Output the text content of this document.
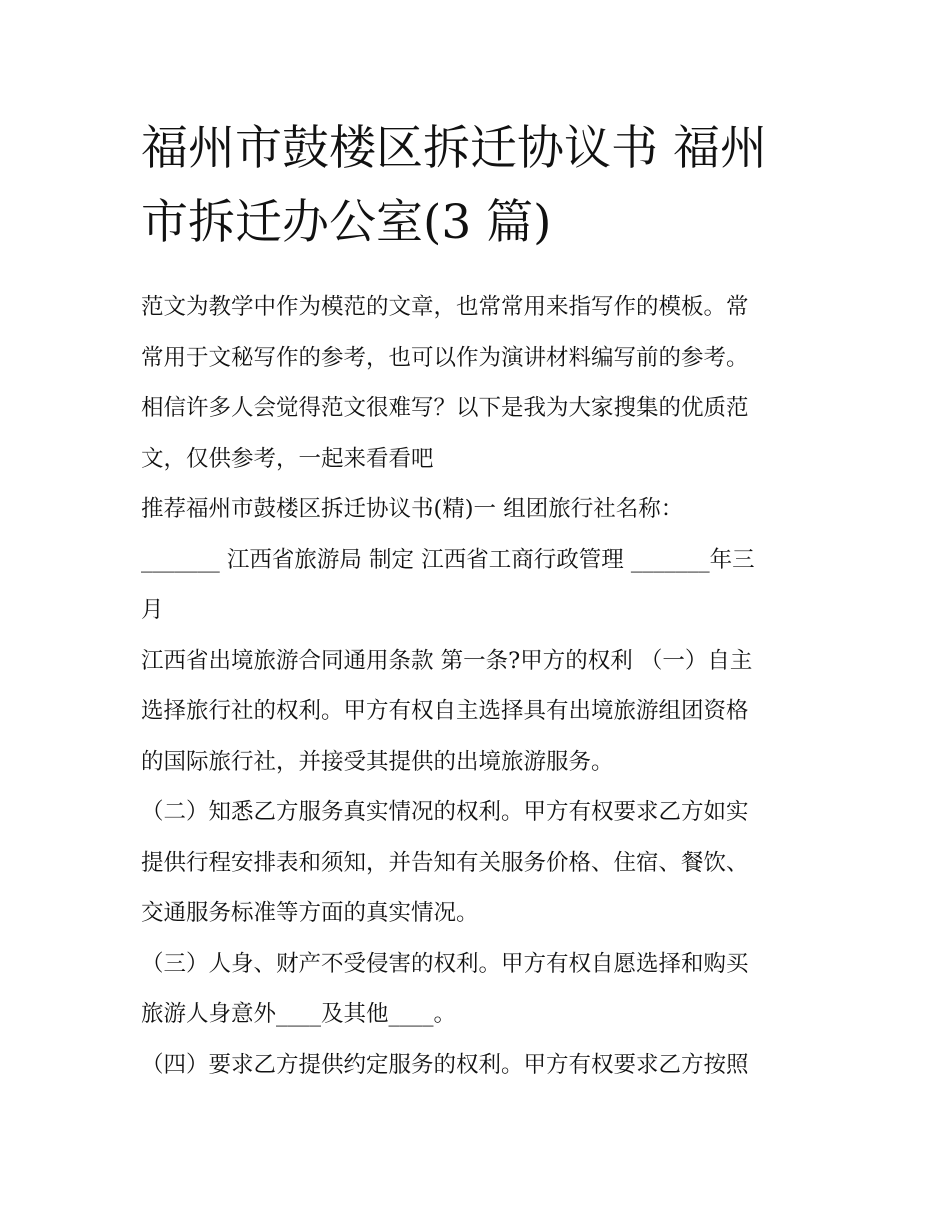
福州市鼓楼区拆迁协议书 福州
市拆迁办公室(3 篇)

范文为教学中作为模范的文章，也常常用来指写作的模板。常
常用于文秘写作的参考，也可以作为演讲材料编写前的参考。
相信许多人会觉得范文很难写？以下是我为大家搜集的优质范
文，仅供参考，一起来看看吧

推荐福州市鼓楼区拆迁协议书(精)一 组团旅行社名称：
_______ 江西省旅游局 制定 江西省工商行政管理 _______年三
月

江西省出境旅游合同通用条款 第一条?甲方的权利 （一）自主
选择旅行社的权利。甲方有权自主选择具有出境旅游组团资格
的国际旅行社，并接受其提供的出境旅游服务。

（二）知悉乙方服务真实情况的权利。甲方有权要求乙方如实
提供行程安排表和须知，并告知有关服务价格、住宿、餐饮、
交通服务标准等方面的真实情况。

（三）人身、财产不受侵害的权利。甲方有权自愿选择和购买
旅游人身意外____及其他____。

（四）要求乙方提供约定服务的权利。甲方有权要求乙方按照
